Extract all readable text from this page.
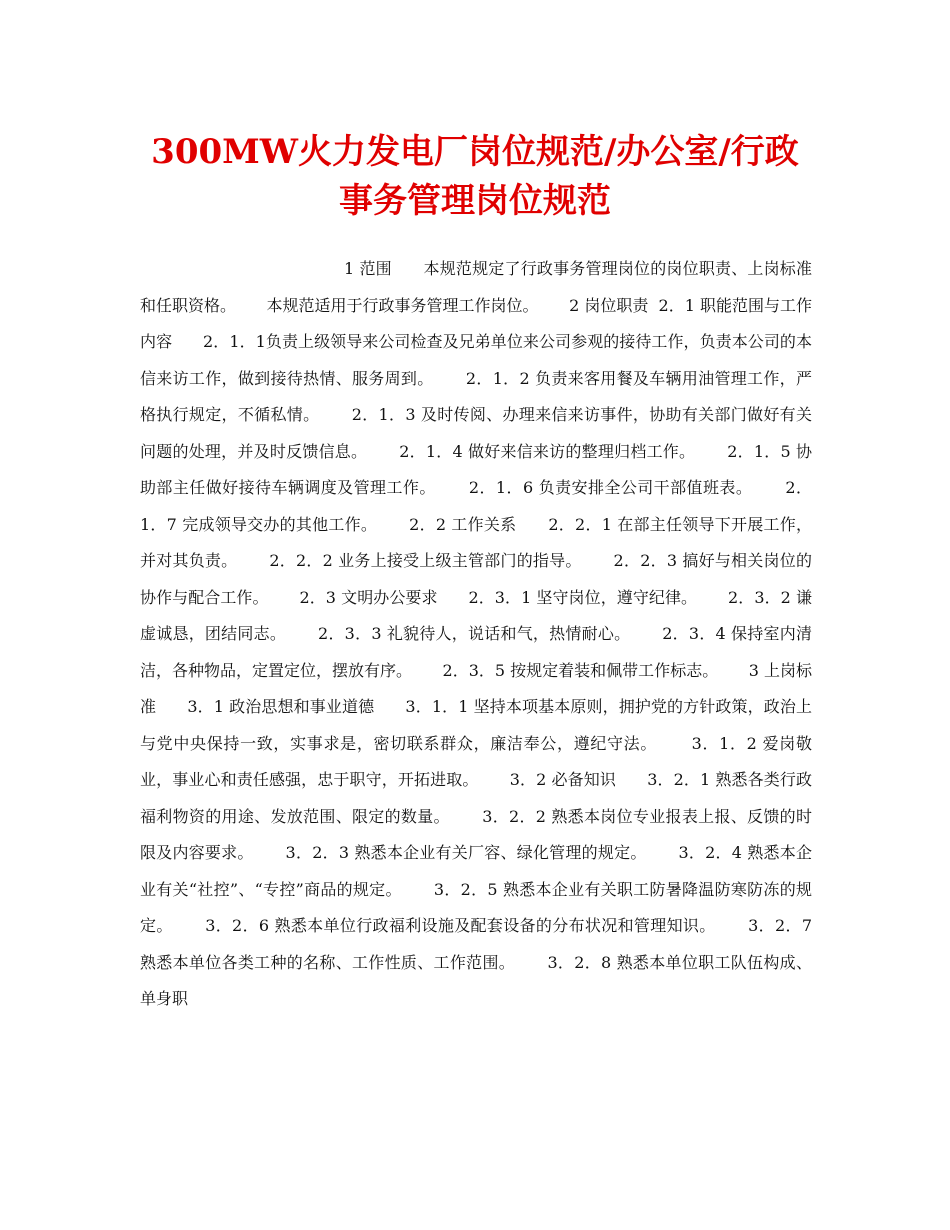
300MW火力发电厂岗位规范/办公室/行政事务管理岗位规范

1 范围      本规范规定了行政事务管理岗位的岗位职责、上岗标准和任职资格。      本规范适用于行政事务管理工作岗位。      2 岗位职责  2．1 职能范围与工作内容      2．1．1负责上级领导来公司检查及兄弟单位来公司参观的接待工作，负责本公司的本信来访工作，做到接待热情、服务周到。      2．1．2 负责来客用餐及车辆用油管理工作，严格执行规定，不循私情。      2．1．3 及时传阅、办理来信来访事件，协助有关部门做好有关问题的处理，并及时反馈信息。      2．1．4 做好来信来访的整理归档工作。      2．1．5 协助部主任做好接待车辆调度及管理工作。      2．1．6 负责安排全公司干部值班表。      2．1．7 完成领导交办的其他工作。      2．2 工作关系      2．2．1 在部主任领导下开展工作，并对其负责。      2．2．2 业务上接受上级主管部门的指导。      2．2．3 搞好与相关岗位的协作与配合工作。      2．3 文明办公要求      2．3．1 坚守岗位，遵守纪律。      2．3．2 谦虚诚恳，团结同志。      2．3．3 礼貌待人，说话和气，热情耐心。      2．3．4 保持室内清洁，各种物品，定置定位，摆放有序。      2．3．5 按规定着装和佩带工作标志。      3 上岗标准      3．1 政治思想和事业道德      3．1．1 坚持本项基本原则，拥护党的方针政策，政治上与党中央保持一致，实事求是，密切联系群众，廉洁奉公，遵纪守法。      3．1．2 爱岗敬业，事业心和责任感强，忠于职守，开拓进取。      3．2 必备知识      3．2．1 熟悉各类行政福利物资的用途、发放范围、限定的数量。      3．2．2 熟悉本岗位专业报表上报、反馈的时限及内容要求。      3．2．3 熟悉本企业有关厂容、绿化管理的规定。      3．2．4 熟悉本企业有关“社控”、“专控”商品的规定。      3．2．5 熟悉本企业有关职工防暑降温防寒防冻的规定。      3．2．6 熟悉本单位行政福利设施及配套设备的分布状况和管理知识。      3．2．7 熟悉本单位各类工种的名称、工作性质、工作范围。      3．2．8 熟悉本单位职工队伍构成、单身职
